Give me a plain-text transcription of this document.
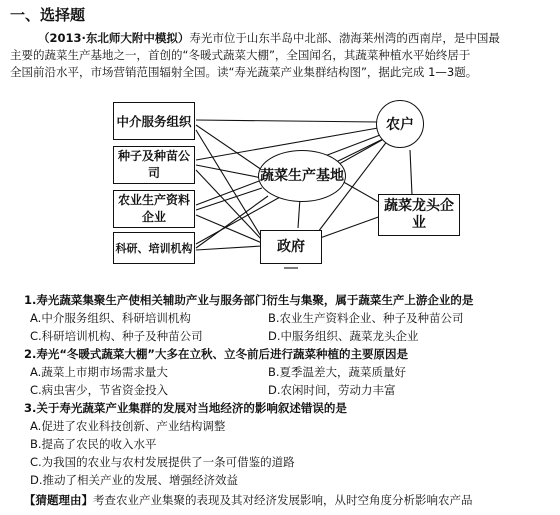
一、选择题
（2013·东北师大附中模拟）寿光市位于山东半岛中北部、渤海莱州湾的西南岸，是中国最
主要的蔬菜生产基地之一，首创的“冬暖式蔬菜大棚”，全国闻名，其蔬菜种植水平始终居于
全国前沿水平，市场营销范围辐射全国。读“寿光蔬菜产业集群结构图”，据此完成 1—3题。
中介服务组织
种子及种苗公司
农业生产资料企业
科研、培训机构
蔬菜生产基地
农户
蔬菜龙头企业
政府
1.寿光蔬菜集聚生产使相关辅助产业与服务部门衍生与集聚，属于蔬菜生产上游企业的是
A.中介服务组织、科研培训机构	B.农业生产资料企业、种子及种苗公司
C.科研培训机构、种子及种苗公司	D.中服务组织、蔬菜龙头企业
2.寿光“冬暖式蔬菜大棚”大多在立秋、立冬前后进行蔬菜种植的主要原因是
A.蔬菜上市期市场需求量大	B.夏季温差大，蔬菜质量好
C.病虫害少，节省资金投入	D.农闲时间，劳动力丰富
3.关于寿光蔬菜产业集群的发展对当地经济的影响叙述错误的是
A.促进了农业科技创新、产业结构调整
B.提高了农民的收入水平
C.为我国的农业与农村发展提供了一条可借鉴的道路
D.推动了相关产业的发展、增强经济效益
【猜题理由】考查农业产业集聚的表现及其对经济发展影响，从时空角度分析影响农产品
